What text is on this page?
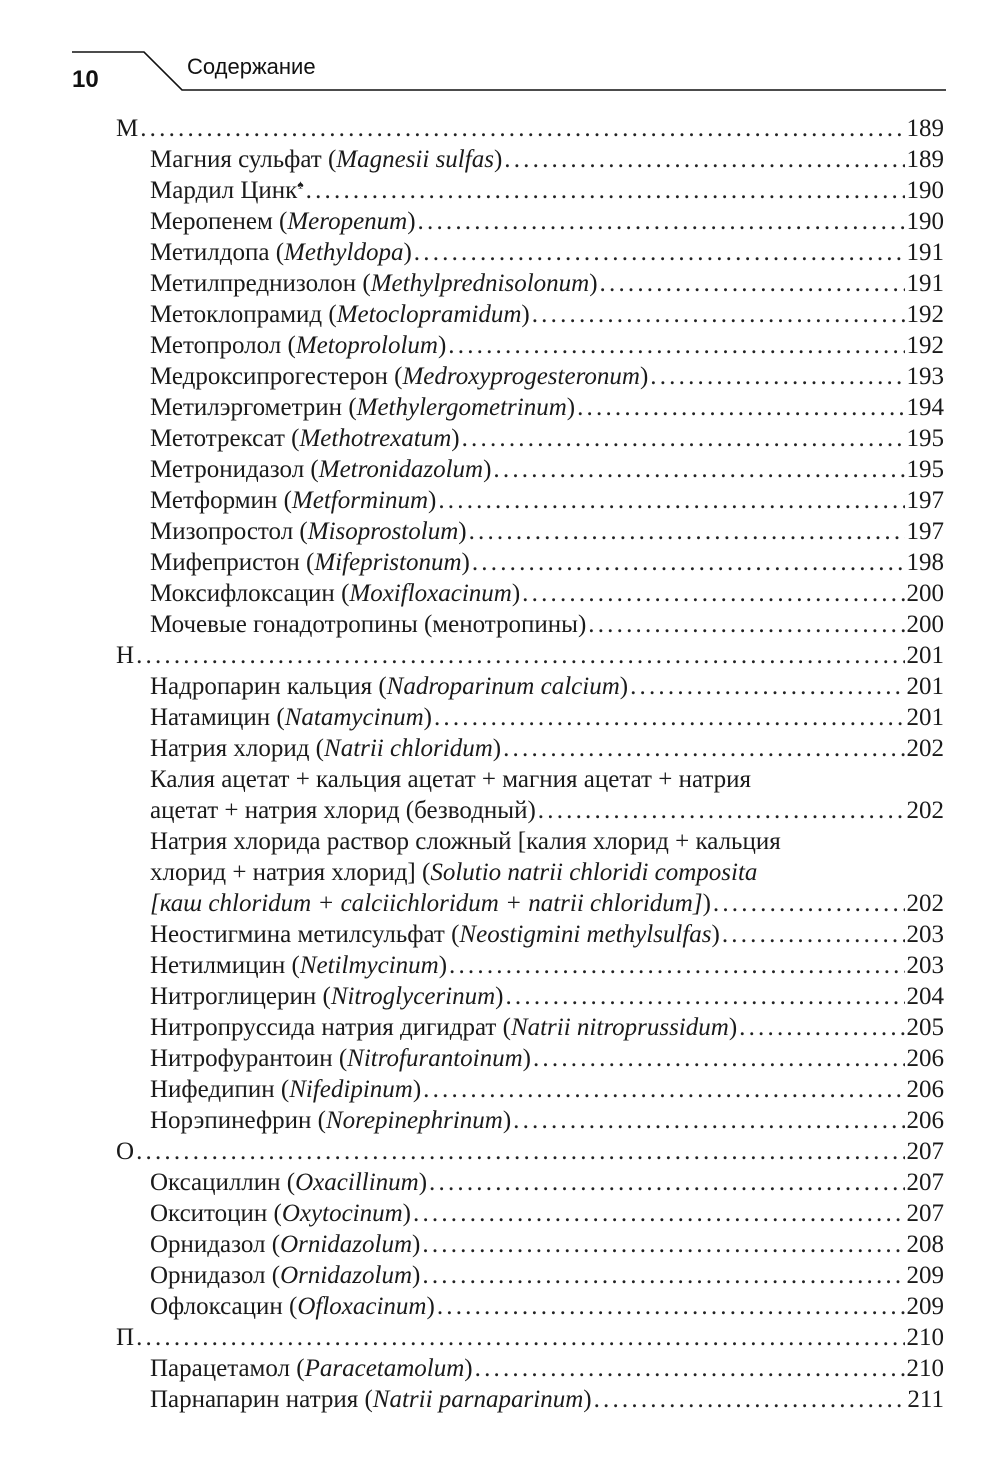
10	Содержание
М .....	189
Магния сульфат (Magnesii sulfas) .....	189
Мардил Цинк♠ .....	190
Меропенем (Meropenum) .....	190
Метилдопа (Methyldopa) .....	191
Метилпреднизолон (Methylprednisolonum) .....	191
Метоклопрамид (Metoclopramidum) .....	192
Метопролол (Metoprololum) .....	192
Медроксипрогестерон (Medroxyprogesteronum) .....	193
Метилэргометрин (Methylergometrinum) .....	194
Метотрексат (Methotrexatum) .....	195
Метронидазол (Metronidazolum) .....	195
Метформин (Metforminum) .....	197
Мизопростол (Misoprostolum) .....	197
Мифепристон (Mifepristonum) .....	198
Моксифлоксацин (Moxifloxacinum) .....	200
Мочевые гонадотропины (менотропины) .....	200
Н .....	201
Надропарин кальция (Nadroparinum calcium) .....	201
Натамицин (Natamycinum) .....	201
Натрия хлорид (Natrii chloridum) .....	202
Калия ацетат + кальция ацетат + магния ацетат + натрия
ацетат + натрия хлорид (безводный) .....	202
Натрия хлорида раствор сложный [калия хлорид + кальция
хлорид + натрия хлорид] (Solutio natrii chloridi composita
[каш chloridum + calciichloridum + natrii chloridum]) .....	202
Неостигмина метилсульфат (Neostigmini methylsulfas) .....	203
Нетилмицин (Netilmycinum) .....	203
Нитроглицерин (Nitroglycerinum) .....	204
Нитропруссида натрия дигидрат (Natrii nitroprussidum) .....	205
Нитрофурантоин (Nitrofurantoinum) .....	206
Нифедипин (Nifedipinum) .....	206
Норэпинефрин (Norepinephrinum) .....	206
О .....	207
Оксациллин (Oxacillinum) .....	207
Окситоцин (Oxytocinum) .....	207
Орнидазол (Ornidazolum) .....	208
Орнидазол (Ornidazolum) .....	209
Офлоксацин (Ofloxacinum) .....	209
П .....	210
Парацетамол (Paracetamolum) .....	210
Парнапарин натрия (Natrii parnaparinum) .....	211
